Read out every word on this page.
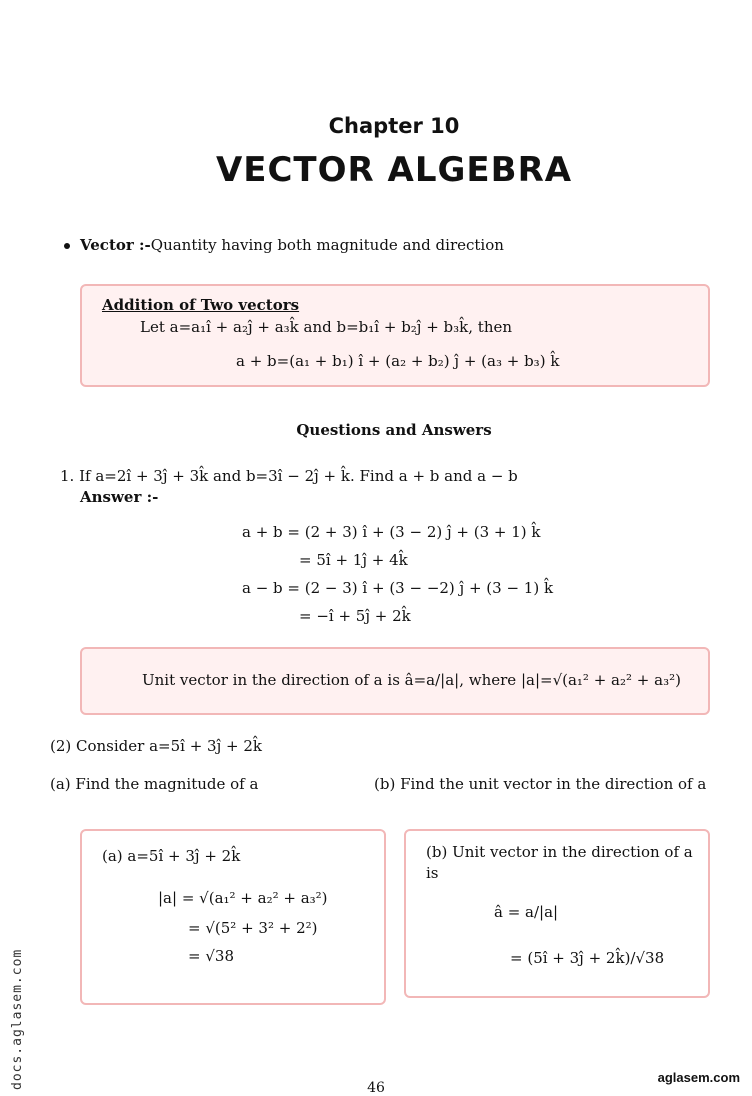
Chapter 10
VECTOR ALGEBRA
Vector :-Quantity having both magnitude and direction
Addition of Two vectors
Let a=a₁î + a₂ĵ + a₃k̂ and b=b₁î + b₂ĵ + b₃k̂, then
a + b=(a₁ + b₁) î + (a₂ + b₂) ĵ + (a₃ + b₃) k̂
Questions and Answers
1. If a=2î + 3ĵ + 3k̂ and b=3î − 2ĵ + k̂. Find a + b and a − b
Answer :-
a + b = (2 + 3) î + (3 − 2) ĵ + (3 + 1) k̂
= 5î + 1ĵ + 4k̂
a − b = (2 − 3) î + (3 − −2) ĵ + (3 − 1) k̂
= −î + 5ĵ + 2k̂
Unit vector in the direction of a is â=a/|a|, where |a|=√(a₁² + a₂² + a₃²)
(2) Consider a=5î + 3ĵ + 2k̂
(a) Find the magnitude of a	(b) Find the unit vector in the direction of a
(a) a=5î + 3ĵ + 2k̂
|a| = √(a₁² + a₂² + a₃²)
= √(5² + 3² + 2²)
= √38
(b) Unit vector in the direction of a
is
â = a/|a|
= (5î + 3ĵ + 2k̂)/√38
docs.aglasem.com	46
aglasem.com
